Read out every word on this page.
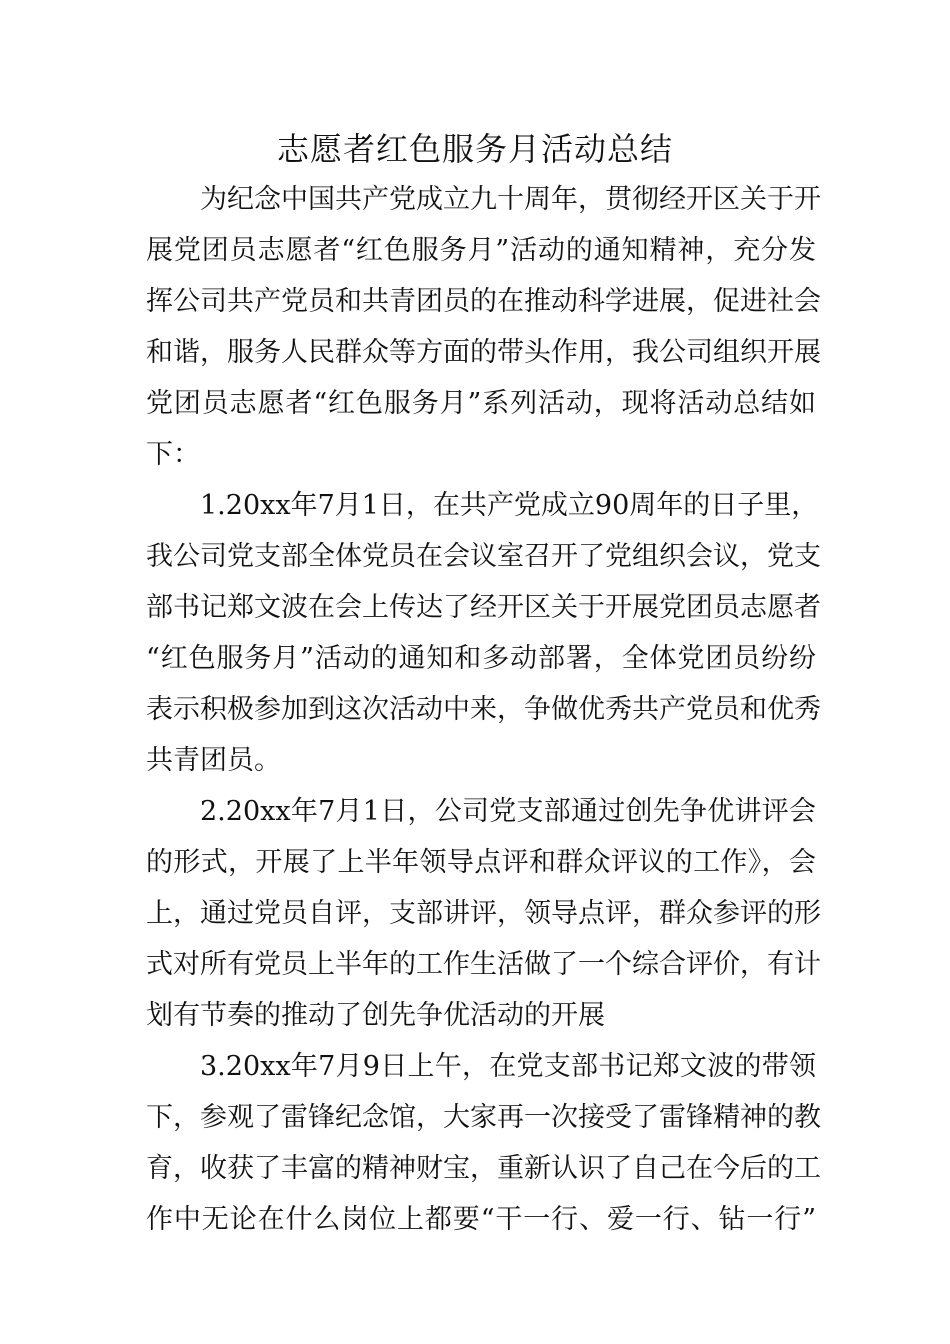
志愿者红色服务月活动总结
为纪念中国共产党成立九十周年，贯彻经开区关于开
展党团员志愿者“红色服务月”活动的通知精神，充分发
挥公司共产党员和共青团员的在推动科学进展，促进社会
和谐，服务人民群众等方面的带头作用，我公司组织开展
党团员志愿者“红色服务月”系列活动，现将活动总结如
下：
1.20xx年7月1日，在共产党成立90周年的日子里，
我公司党支部全体党员在会议室召开了党组织会议，党支
部书记郑文波在会上传达了经开区关于开展党团员志愿者
“红色服务月”活动的通知和多动部署，全体党团员纷纷
表示积极参加到这次活动中来，争做优秀共产党员和优秀
共青团员。
2.20xx年7月1日，公司党支部通过创先争优讲评会
的形式，开展了上半年领导点评和群众评议的工作》，会
上，通过党员自评，支部讲评，领导点评，群众参评的形
式对所有党员上半年的工作生活做了一个综合评价，有计
划有节奏的推动了创先争优活动的开展
3.20xx年7月9日上午，在党支部书记郑文波的带领
下，参观了雷锋纪念馆，大家再一次接受了雷锋精神的教
育，收获了丰富的精神财宝，重新认识了自己在今后的工
作中无论在什么岗位上都要“干一行、爱一行、钻一行”
